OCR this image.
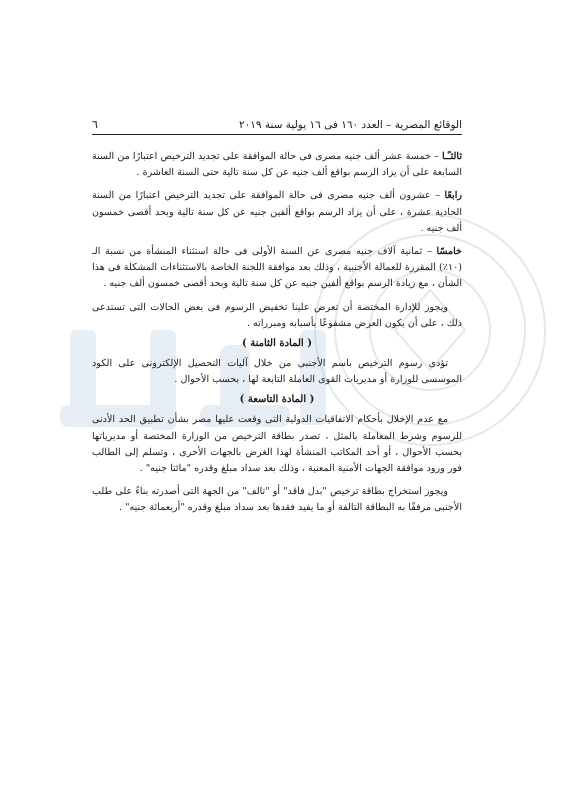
الوقائع المصرية – العدد ١٦٠ فى ١٦ يولية سنة ٢٠١٩
٦

ثالثـًـا – خمسة عشر ألف جنيه مصرى فى حالة الموافقة على تجديد الترخيص اعتبارًا من السنة السابعة على أن يزاد الرسم بواقع ألف جنيه عن كل سنة تالية حتى السنة العاشرة .

رابعًا – عشرون ألف جنيه مصرى فى حالة الموافقة على تجديد الترخيص اعتبارًا من السنة الحادية عشرة ، على أن يزاد الرسم بواقع ألفين جنيه عن كل سنة تالية وبحد أقصى خمسون ألف جنيه .

خامسًا – ثمانية آلاف جنيه مصرى عن السنة الأولى فى حالة استثناء المنشأة من نسبة الـ (١٠٪) المقررة للعمالة الأجنبية ، وذلك بعد موافقة اللجنة الخاصة بالاستثناءات المشكلة فى هذا الشأن ، مع زيادة الرسم بواقع ألفين جنيه عن كل سنة تالية وبحد أقصى خمسون ألف جنيه .

ويجوز للإدارة المختصة أن تعرض علينا تخفيض الرسوم فى بعض الحالات التى تستدعى ذلك ، على أن يكون العرض مشفوعًا بأسبابه ومبرراته .

( المادة الثامنة )

تؤدى رسوم الترخيص باسم الأجنبى من خلال آليات التحصيل الإلكترونى على الكود الموسسى للوزارة أو مديريات القوى العاملة التابعة لها ، بحسب الأحوال .

( المادة التاسعة )

مع عدم الإخلال بأحكام الاتفاقيات الدولية التى وقعت عليها مصر بشأن تطبيق الحد الأدنى للرسوم وشرط المعاملة بالمثل ، تصدر بطاقة الترخيص من الوزارة المختصة أو مديرياتها بحسب الأحوال ، أو أحد المكاتب المنشأة لهذا الغرض بالجهات الأخرى ، وتسلم إلى الطالب فور ورود موافقة الجهات الأمنية المعنية ، وذلك بعد سداد مبلغ وقدره "مائتا جنيه" .

ويجوز استخراج بطاقة ترخيص "بدل فاقد" أو "تالف" من الجهة التى أصدرته بناءً على طلب الأجنبى مرفقًا به البطاقة التالفة أو ما يفيد فقدها بعد سداد مبلغ وقدره "أربعمائة جنيه" .
